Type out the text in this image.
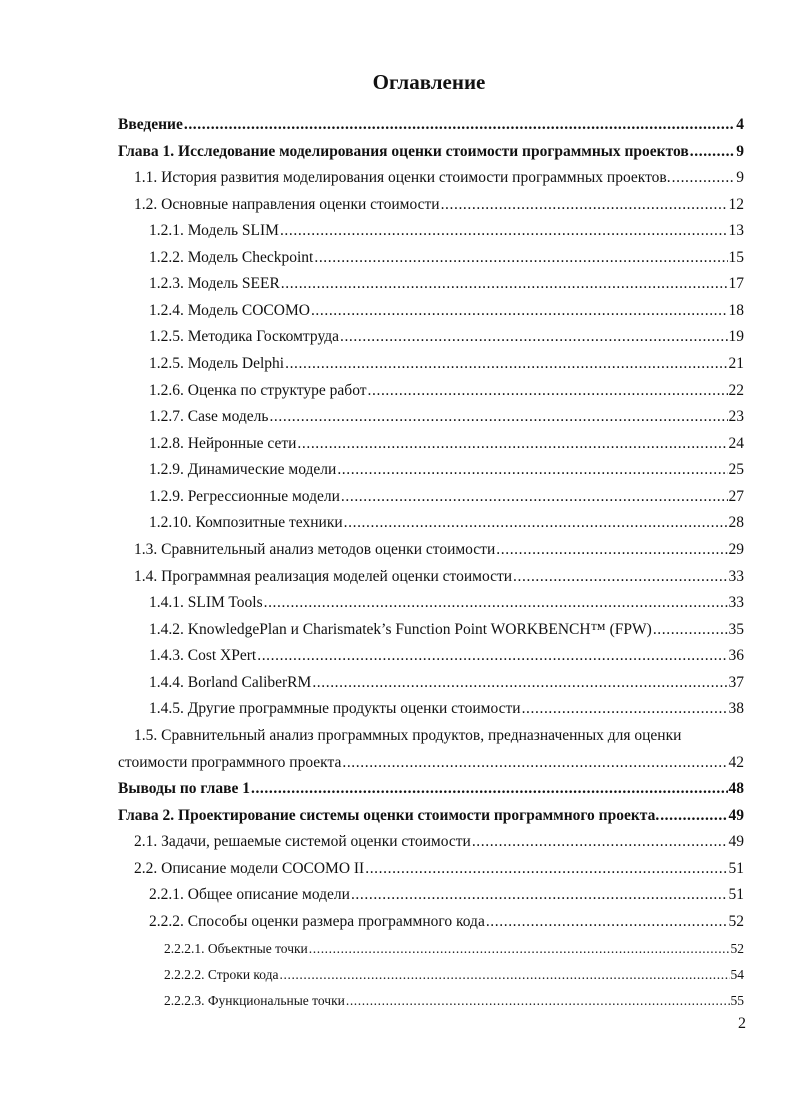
Оглавление
Введение .....	4
Глава 1. Исследование моделирования оценки стоимости программных проектов .....	9
1.1. История развития моделирования оценки стоимости программных проектов. .....	9
1.2. Основные направления оценки стоимости .....	12
1.2.1. Модель SLIM .....	13
1.2.2. Модель Checkpoint .....	15
1.2.3. Модель SEER .....	17
1.2.4. Модель COCOMO .....	18
1.2.5. Методика Госкомтруда .....	19
1.2.5. Модель Delphi .....	21
1.2.6. Оценка по структуре работ .....	22
1.2.7. Case модель .....	23
1.2.8. Нейронные сети .....	24
1.2.9. Динамические модели .....	25
1.2.9. Регрессионные модели .....	27
1.2.10. Композитные техники .....	28
1.3. Сравнительный анализ методов оценки стоимости .....	29
1.4. Программная реализация моделей оценки стоимости .....	33
1.4.1. SLIM Tools .....	33
1.4.2. KnowledgePlan и Charismatek’s Function Point WORKBENCH™ (FPW) .....	35
1.4.3. Cost XPert .....	36
1.4.4. Borland CaliberRM .....	37
1.4.5. Другие программные продукты оценки стоимости .....	38
1.5. Сравнительный анализ программных продуктов, предназначенных для оценки
стоимости программного проекта .....	42
Выводы по главе 1 .....	48
Глава 2. Проектирование системы оценки стоимости программного проекта. .....	49
2.1. Задачи, решаемые системой оценки стоимости .....	49
2.2. Описание модели COCOMO II .....	51
2.2.1. Общее описание модели .....	51
2.2.2. Способы оценки размера программного кода .....	52
2.2.2.1. Объектные точки .....	52
2.2.2.2. Строки кода .....	54
2.2.2.3. Функциональные точки .....	55
2
